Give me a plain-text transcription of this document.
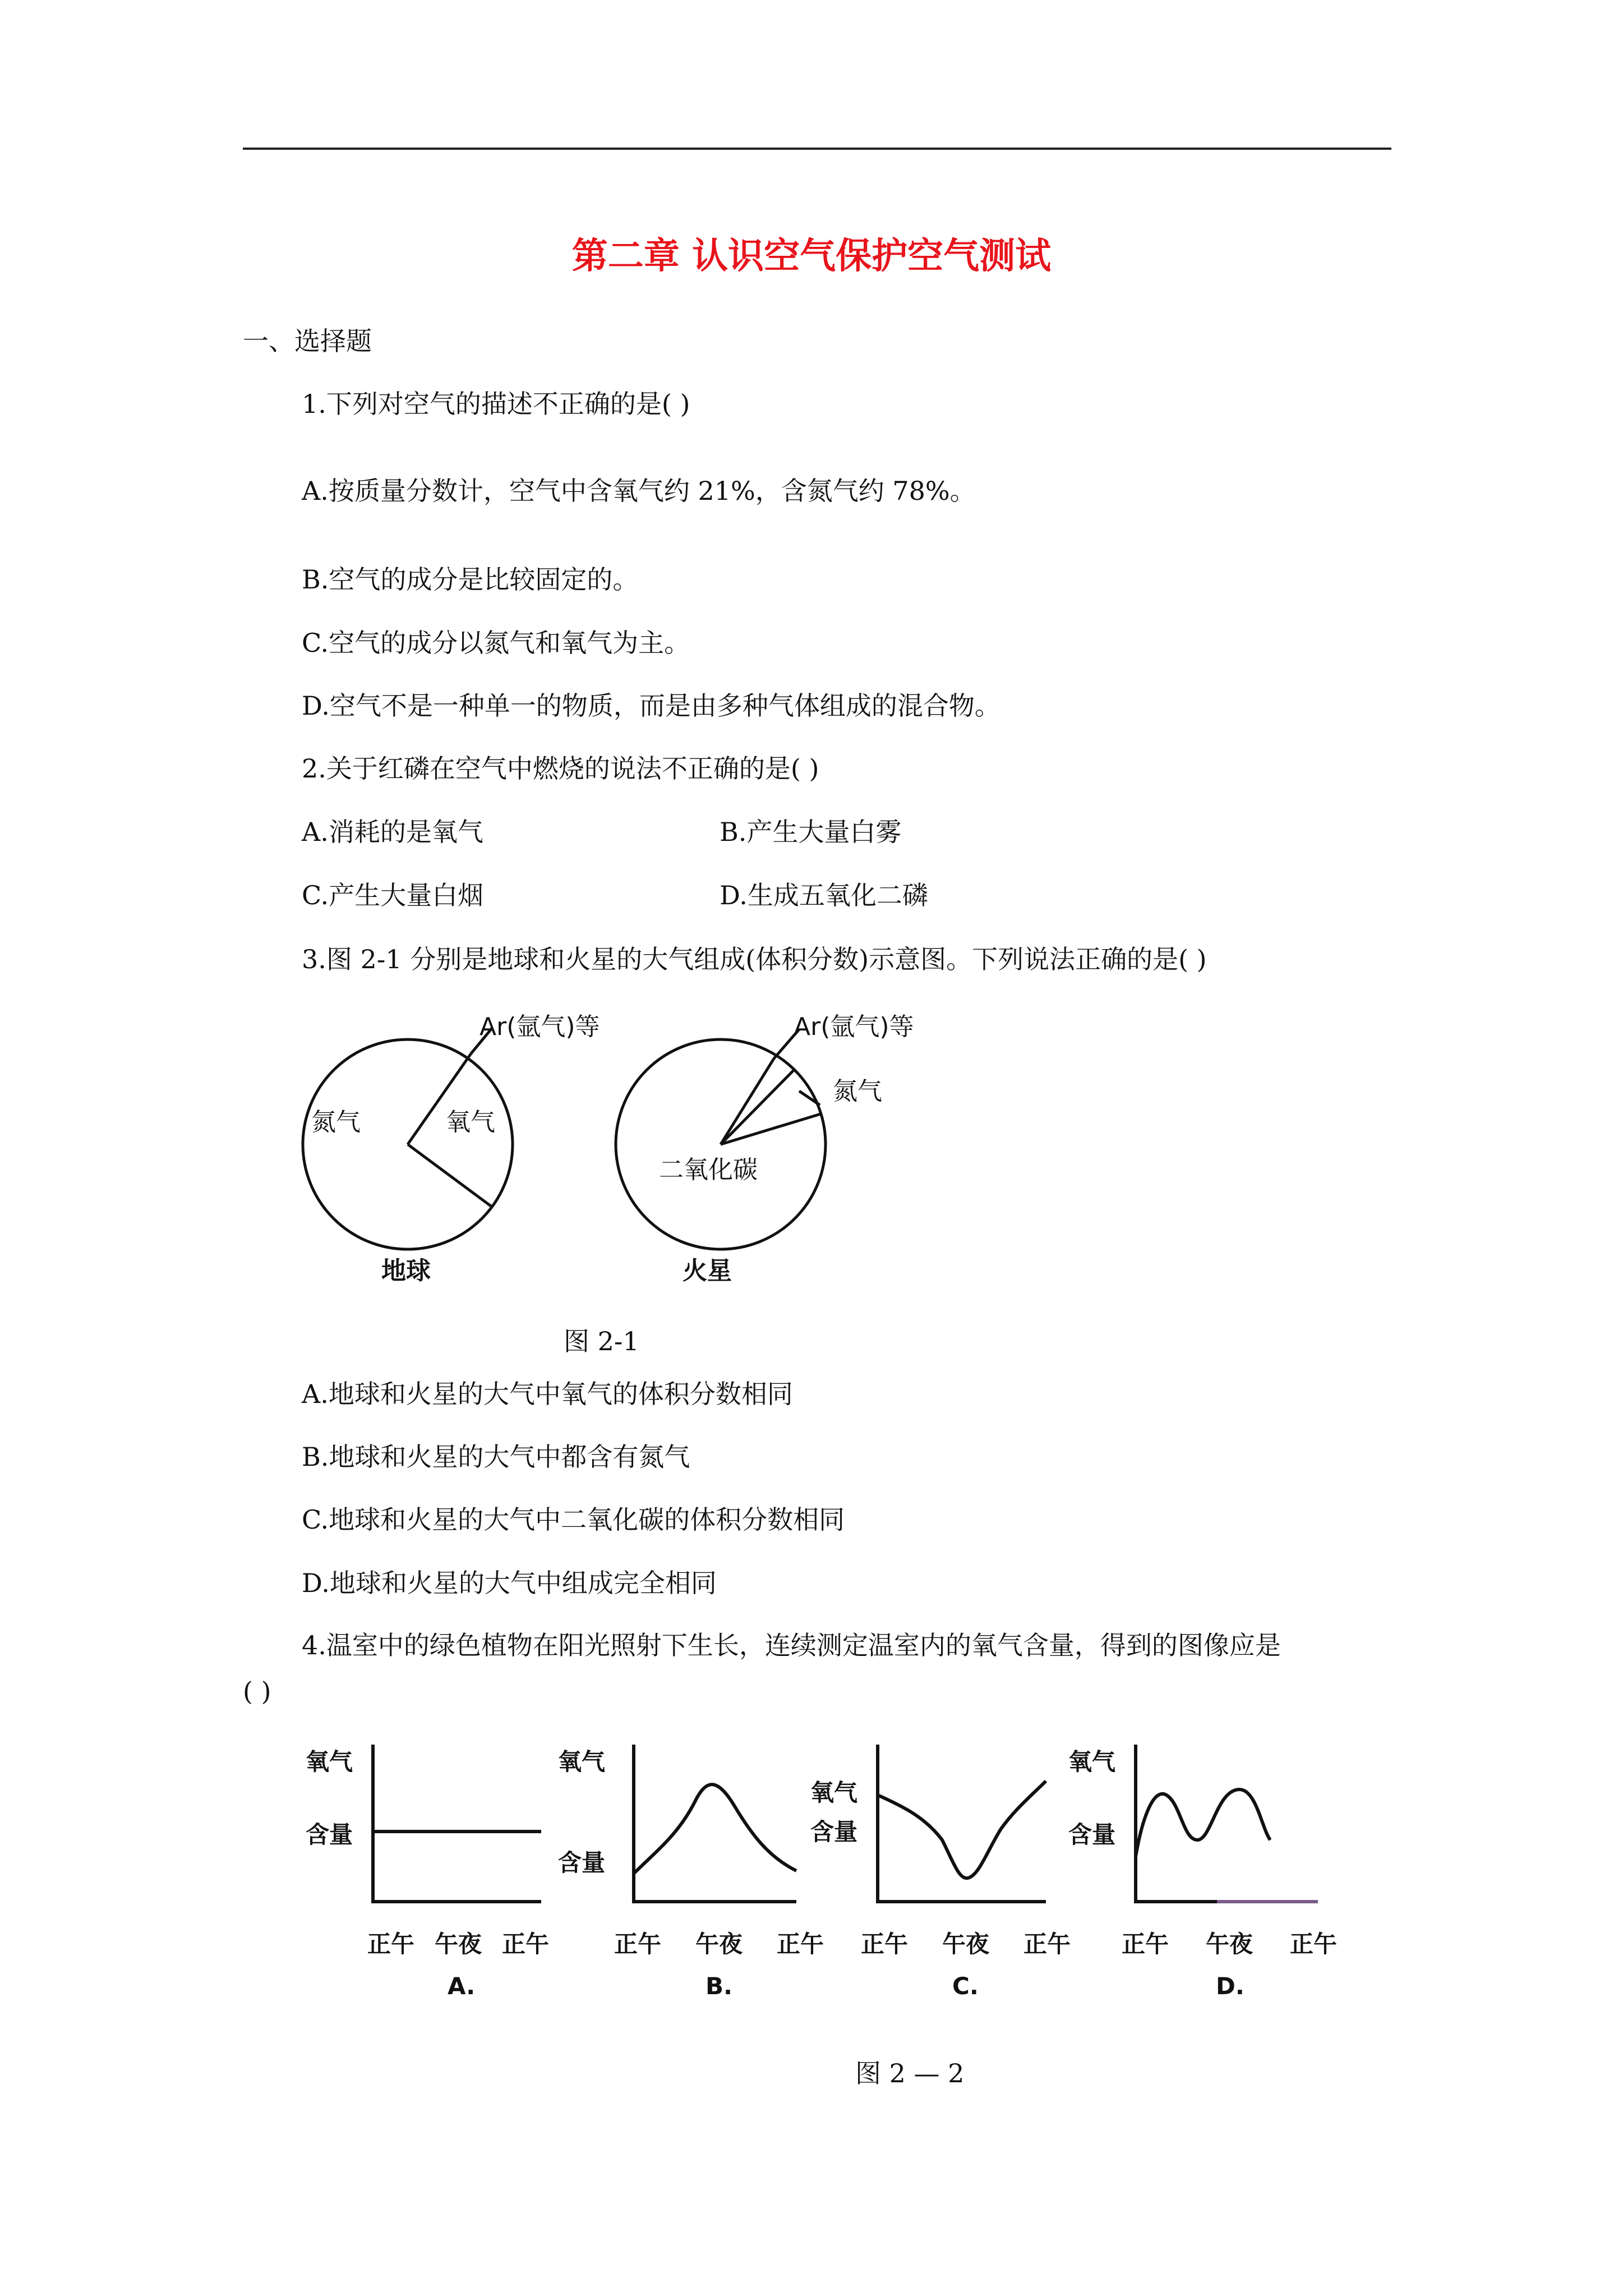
第二章 认识空气保护空气测试
一、选择题
1.下列对空气的描述不正确的是( )
A.按质量分数计，空气中含氧气约 21%，含氮气约 78%。
B.空气的成分是比较固定的。
C.空气的成分以氮气和氧气为主。
D.空气不是一种单一的物质，而是由多种气体组成的混合物。
2.关于红磷在空气中燃烧的说法不正确的是( )
A.消耗的是氧气	B.产生大量白雾
C.产生大量白烟	D.生成五氧化二磷
3.图 2-1 分别是地球和火星的大气组成(体积分数)示意图。下列说法正确的是( )
Ar(氩气)等
氮气	氧气
地球
Ar(氩气)等
氮气
二氧化碳
火星
图 2-1
A.地球和火星的大气中氧气的体积分数相同
B.地球和火星的大气中都含有氮气
C.地球和火星的大气中二氧化碳的体积分数相同
D.地球和火星的大气中组成完全相同
4.温室中的绿色植物在阳光照射下生长，连续测定温室内的氧气含量，得到的图像应是
( )
氧气
含量
正午 午夜 正午
A.
氧气
含量
正午 午夜 正午
B.
氧气
含量
正午 午夜 正午
C.
氧气
含量
正午 午夜 正午
D.
图 2 — 2
